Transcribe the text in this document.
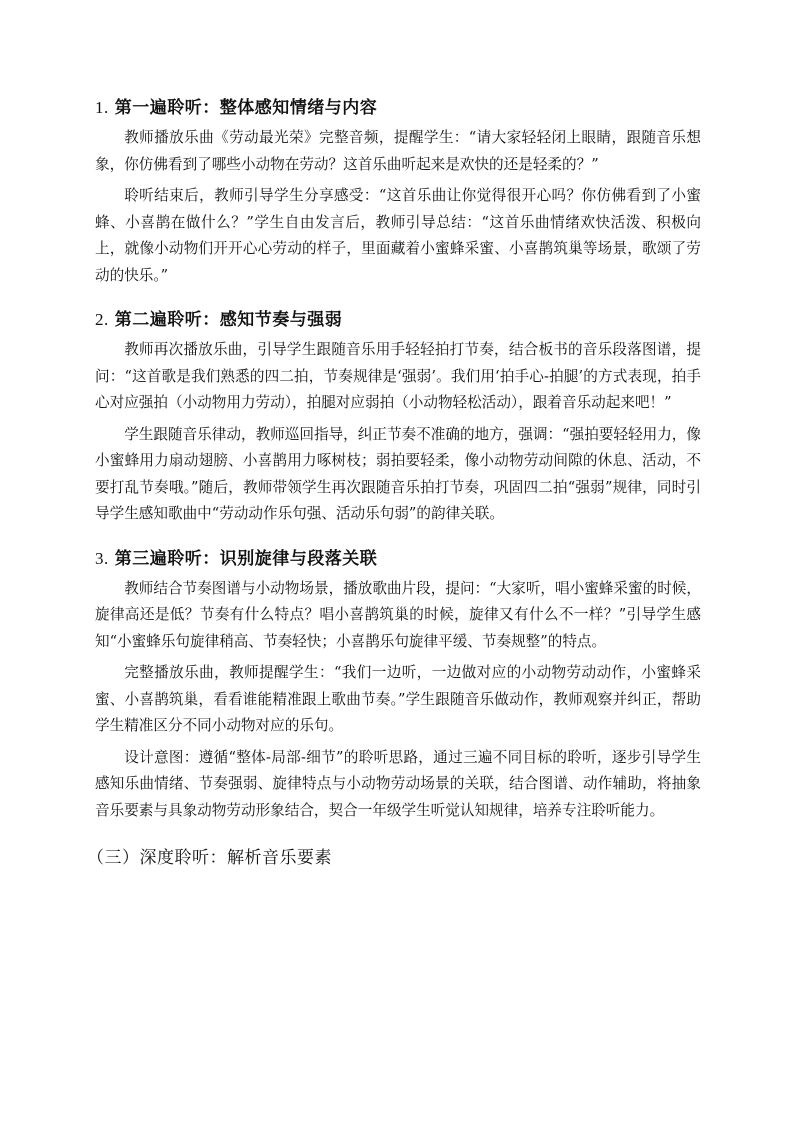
1. 第一遍聆听：整体感知情绪与内容

教师播放乐曲《劳动最光荣》完整音频，提醒学生：“请大家轻轻闭上眼睛，跟随音乐想象，你仿佛看到了哪些小动物在劳动？这首乐曲听起来是欢快的还是轻柔的？”

聆听结束后，教师引导学生分享感受：“这首乐曲让你觉得很开心吗？你仿佛看到了小蜜蜂、小喜鹊在做什么？”学生自由发言后，教师引导总结：“这首乐曲情绪欢快活泼、积极向上，就像小动物们开开心心劳动的样子，里面藏着小蜜蜂采蜜、小喜鹊筑巢等场景，歌颂了劳动的快乐。”

2. 第二遍聆听：感知节奏与强弱

教师再次播放乐曲，引导学生跟随音乐用手轻轻拍打节奏，结合板书的音乐段落图谱，提问：“这首歌是我们熟悉的四二拍，节奏规律是‘强弱’。我们用‘拍手心-拍腿’的方式表现，拍手心对应强拍（小动物用力劳动），拍腿对应弱拍（小动物轻松活动），跟着音乐动起来吧！”

学生跟随音乐律动，教师巡回指导，纠正节奏不准确的地方，强调：“强拍要轻轻用力，像小蜜蜂用力扇动翅膀、小喜鹊用力啄树枝；弱拍要轻柔，像小动物劳动间隙的休息、活动，不要打乱节奏哦。”随后，教师带领学生再次跟随音乐拍打节奏，巩固四二拍“强弱”规律，同时引导学生感知歌曲中“劳动动作乐句强、活动乐句弱”的韵律关联。

3. 第三遍聆听：识别旋律与段落关联

教师结合节奏图谱与小动物场景，播放歌曲片段，提问：“大家听，唱小蜜蜂采蜜的时候，旋律高还是低？节奏有什么特点？唱小喜鹊筑巢的时候，旋律又有什么不一样？”引导学生感知“小蜜蜂乐句旋律稍高、节奏轻快；小喜鹊乐句旋律平缓、节奏规整”的特点。

完整播放乐曲，教师提醒学生：“我们一边听，一边做对应的小动物劳动动作，小蜜蜂采蜜、小喜鹊筑巢，看看谁能精准跟上歌曲节奏。”学生跟随音乐做动作，教师观察并纠正，帮助学生精准区分不同小动物对应的乐句。

设计意图：遵循“整体-局部-细节”的聆听思路，通过三遍不同目标的聆听，逐步引导学生感知乐曲情绪、节奏强弱、旋律特点与小动物劳动场景的关联，结合图谱、动作辅助，将抽象音乐要素与具象动物劳动形象结合，契合一年级学生听觉认知规律，培养专注聆听能力。

（三）深度聆听：解析音乐要素
